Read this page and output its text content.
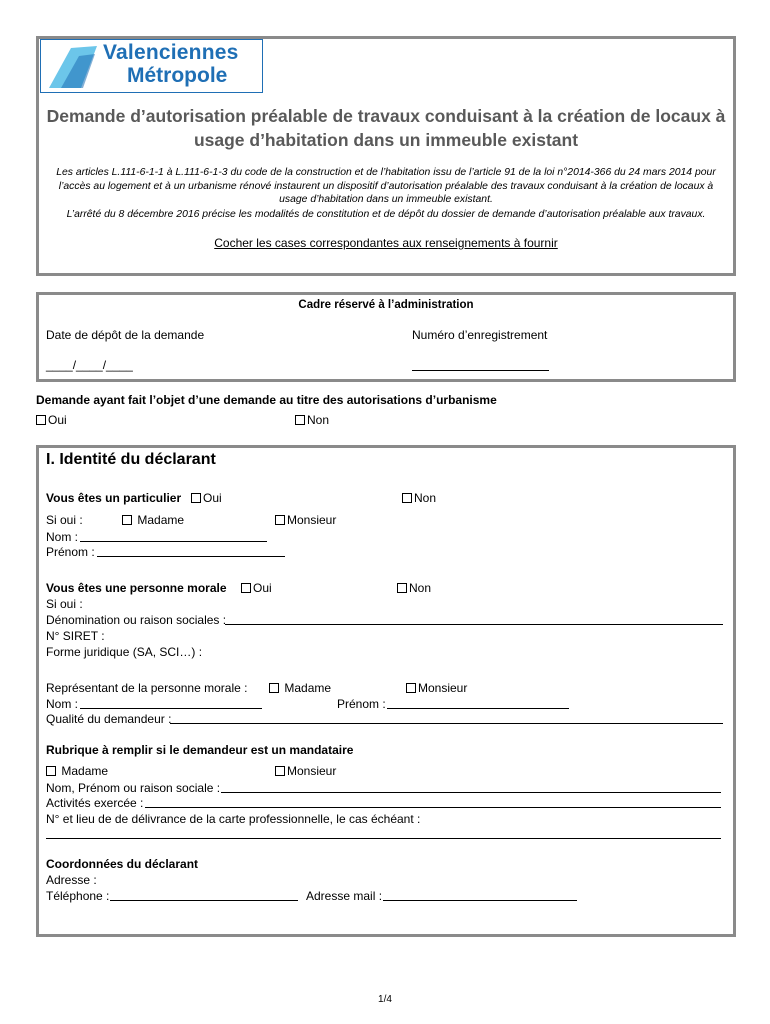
Valenciennes
Métropole
Demande d’autorisation préalable de travaux conduisant à la création de locaux à usage d’habitation dans un immeuble existant
Les articles L.111-6-1-1 à L.111-6-1-3 du code de la construction et de l’habitation issu de l’article 91 de la loi n°2014-366 du 24 mars 2014 pour l’accès au logement et à un urbanisme rénové instaurent un dispositif d’autorisation préalable des travaux conduisant à la création de locaux à usage d’habitation dans un immeuble existant.
L’arrêté du 8 décembre 2016 précise les modalités de constitution et de dépôt du dossier de demande d’autorisation préalable aux travaux.
Cocher les cases correspondantes aux renseignements à fournir
Cadre réservé à l’administration
Date de dépôt de la demande
____/____/____
Numéro d’enregistrement
Demande ayant fait l’objet d’une demande au titre des autorisations d’urbanisme
Oui	Non
I. Identité du déclarant
Vous êtes un particulier	Oui	Non
Si oui :	Madame	Monsieur
Nom :
Prénom :
Vous êtes une personne morale	Oui	Non
Si oui :
Dénomination ou raison sociales :
N° SIRET :
Forme juridique (SA, SCI…) :
Représentant de la personne morale :	Madame	Monsieur
Nom :	Prénom :
Qualité du demandeur :
Rubrique à remplir si le demandeur est un mandataire
Madame	Monsieur
Nom, Prénom ou raison sociale :
Activités exercée :
N° et lieu de de délivrance de la carte professionnelle, le cas échéant :
Coordonnées du déclarant
Adresse :
Téléphone :	Adresse mail :
1/4
